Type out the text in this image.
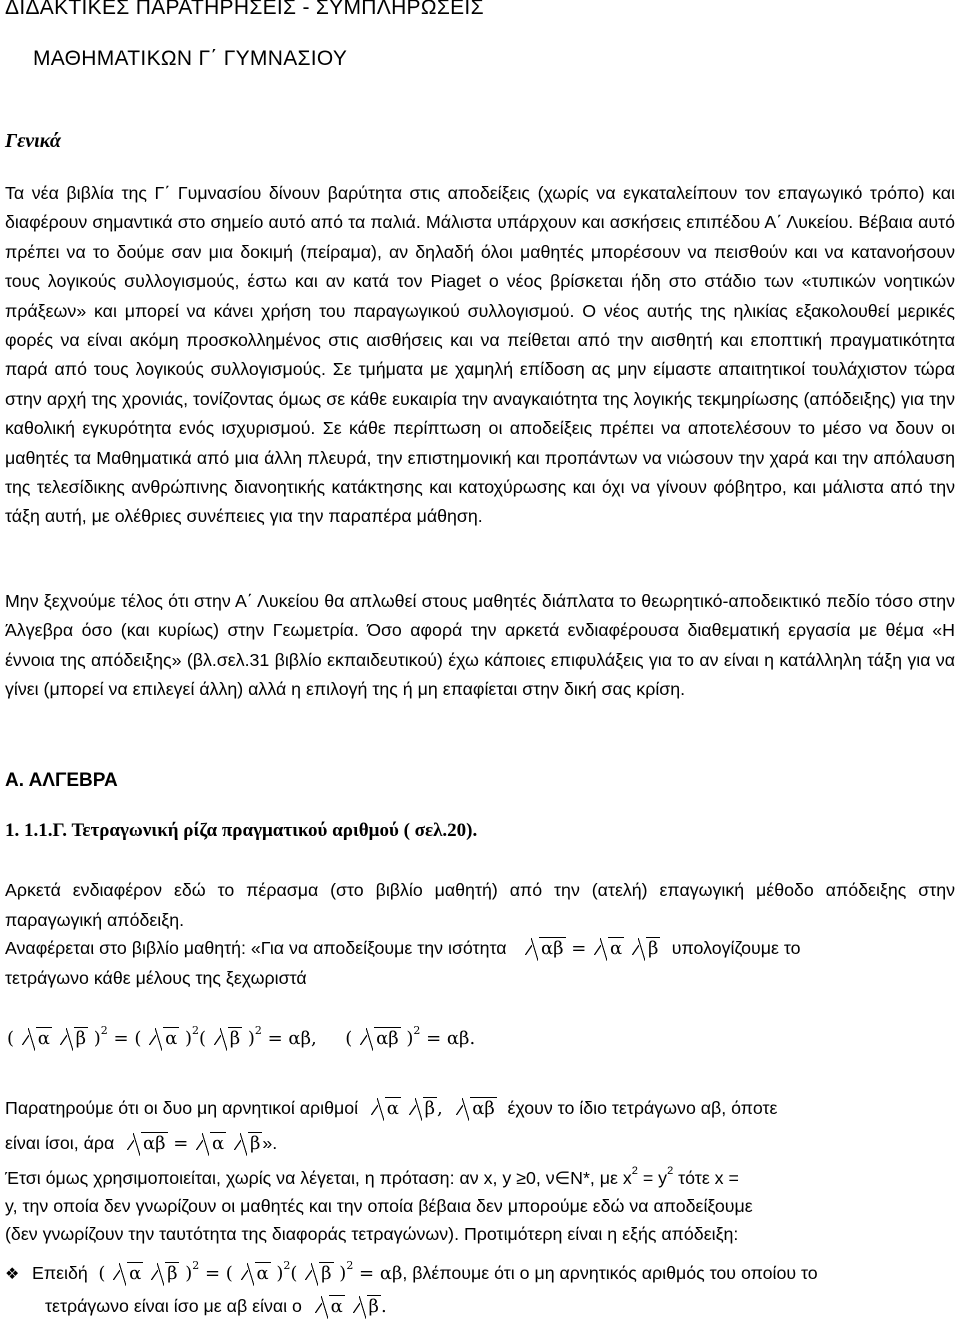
ΔΙΔΑΚΤΙΚΕΣ ΠΑΡΑΤΗΡΗΣΕΙΣ - ΣΥΜΠΛΗΡΩΣΕΙΣ
ΜΑΘΗΜΑΤΙΚΩΝ Γ΄ ΓΥΜΝΑΣΙΟΥ
Γενικά

Τα νέα βιβλία της Γ΄ Γυμνασίου δίνουν βαρύτητα στις αποδείξεις (χωρίς να εγκαταλείπουν τον επαγωγικό τρόπο) και διαφέρουν σημαντικά στο σημείο αυτό από τα παλιά. Μάλιστα υπάρχουν και ασκήσεις επιπέδου Α΄ Λυκείου. Βέβαια αυτό πρέπει να το δούμε σαν μια δοκιμή (πείραμα), αν δηλαδή όλοι μαθητές μπορέσουν να πεισθούν και να κατανοήσουν τους λογικούς συλλογισμούς, έστω και αν κατά τον Piaget ο νέος βρίσκεται ήδη στο στάδιο των «τυπικών νοητικών πράξεων» και μπορεί να κάνει χρήση του παραγωγικού συλλογισμού. Ο νέος αυτής της ηλικίας εξακολουθεί μερικές φορές να είναι ακόμη προσκολλημένος στις αισθήσεις και να πείθεται από την αισθητή και εποπτική πραγματικότητα παρά από τους λογικούς συλλογισμούς. Σε τμήματα με χαμηλή επίδοση ας μην είμαστε απαιτητικοί τουλάχιστον τώρα στην αρχή της χρονιάς, τονίζοντας όμως σε κάθε ευκαιρία την αναγκαιότητα της λογικής τεκμηρίωσης (απόδειξης) για την καθολική εγκυρότητα ενός ισχυρισμού. Σε κάθε περίπτωση οι αποδείξεις πρέπει να αποτελέσουν το μέσο να δουν οι μαθητές τα Μαθηματικά από μια άλλη πλευρά, την επιστημονική και προπάντων να νιώσουν την χαρά και την απόλαυση της τελεσίδικης ανθρώπινης διανοητικής κατάκτησης και κατοχύρωσης και όχι να γίνουν φόβητρο, και μάλιστα από την τάξη αυτή, με ολέθριες συνέπειες για την παραπέρα μάθηση.

Μην ξεχνούμε τέλος ότι στην Α΄ Λυκείου θα απλωθεί στους μαθητές διάπλατα το θεωρητικό-αποδεικτικό πεδίο τόσο στην Άλγεβρα όσο (και κυρίως) στην Γεωμετρία. Όσο αφορά την αρκετά ενδιαφέρουσα διαθεματική εργασία με θέμα «Η έννοια της απόδειξης» (βλ.σελ.31 βιβλίο εκπαιδευτικού) έχω κάποιες επιφυλάξεις για το αν είναι η κατάλληλη τάξη για να γίνει (μπορεί να επιλεγεί άλλη) αλλά η επιλογή της ή μη επαφίεται στην δική σας κρίση.

Α. ΑΛΓΕΒΡΑ
1. 1.1.Γ. Τετραγωνική ρίζα πραγματικού αριθμού ( σελ.20).

Αρκετά ενδιαφέρον εδώ το πέρασμα (στο βιβλίο μαθητή) από την (ατελή) επαγωγική μέθοδο απόδειξης στην παραγωγική απόδειξη.

Αναφέρεται στο βιβλίο μαθητή: «Για να αποδείξουμε την ισότητα αβ = α β υπολογίζουμε το
τετράγωνο κάθε μέλους της ξεχωριστά
( α β )$^2$ = ( α )$^2$( β )$^2$ = αβ,     ( αβ )$^2$ = αβ.
Παρατηρούμε ότι οι δυο μη αρνητικοί αριθμοί α β ,  αβ έχουν το ίδιο τετράγωνο αβ, όποτε
είναι ίσοι, άρα αβ = α β ».
Έτσι όμως χρησιμοποιείται, χωρίς να λέγεται, η πρόταση: αν x, y ≥0, ν∈N*, με $x^2 = y^2$ τότε x =
y, την οποία δεν γνωρίζουν οι μαθητές και την οποία βέβαια δεν μπορούμε εδώ να αποδείξουμε
(δεν γνωρίζουν την ταυτότητα της διαφοράς τετραγώνων). Προτιμότερη είναι η εξής απόδειξη:
❖ Επειδή  ( α β )$^2$ = ( α )$^2$( β )$^2$ = αβ, βλέπουμε ότι ο μη αρνητικός αριθμός του οποίου το
τετράγωνο είναι ίσο με αβ είναι ο α β .
